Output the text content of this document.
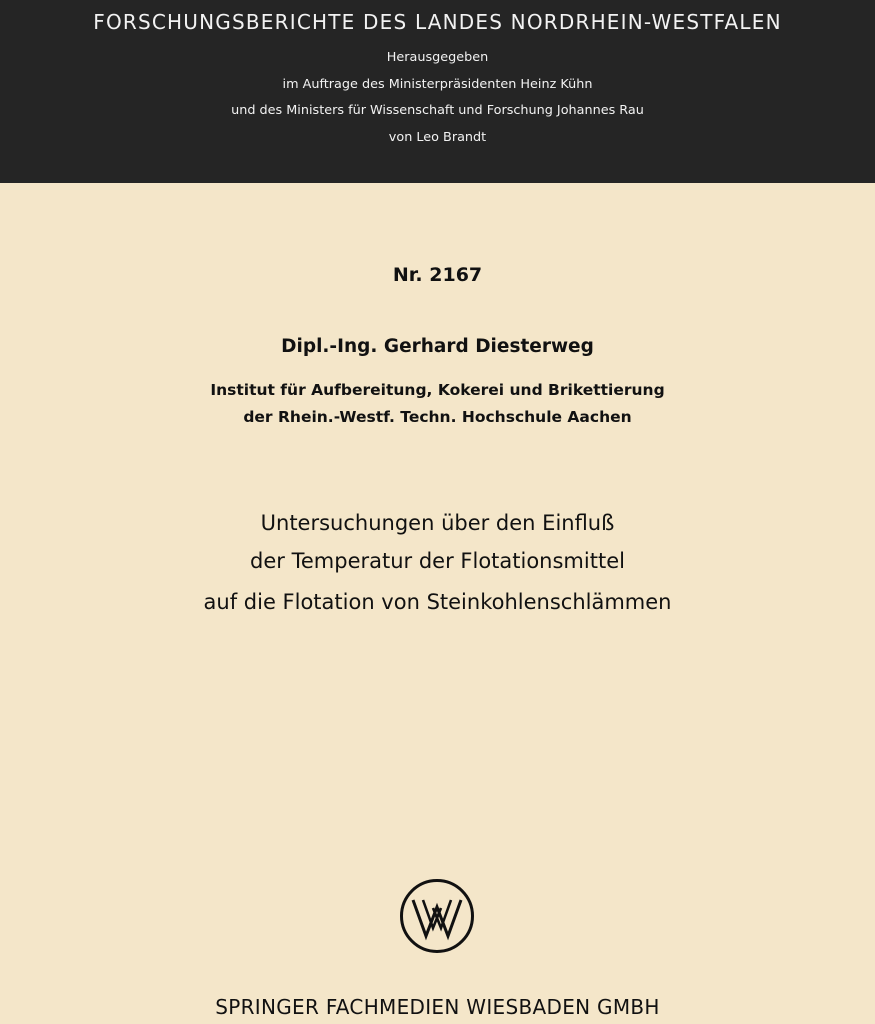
FORSCHUNGSBERICHTE DES LANDES NORDRHEIN-WESTFALEN
Herausgegeben
im Auftrage des Ministerpräsidenten Heinz Kühn
und des Ministers für Wissenschaft und Forschung Johannes Rau
von Leo Brandt
Nr. 2167
Dipl.-Ing. Gerhard Diesterweg
Institut für Aufbereitung, Kokerei und Brikettierung
der Rhein.-Westf. Techn. Hochschule Aachen
Untersuchungen über den Einfluß
der Temperatur der Flotationsmittel
auf die Flotation von Steinkohlenschlämmen
SPRINGER FACHMEDIEN WIESBADEN GMBH
